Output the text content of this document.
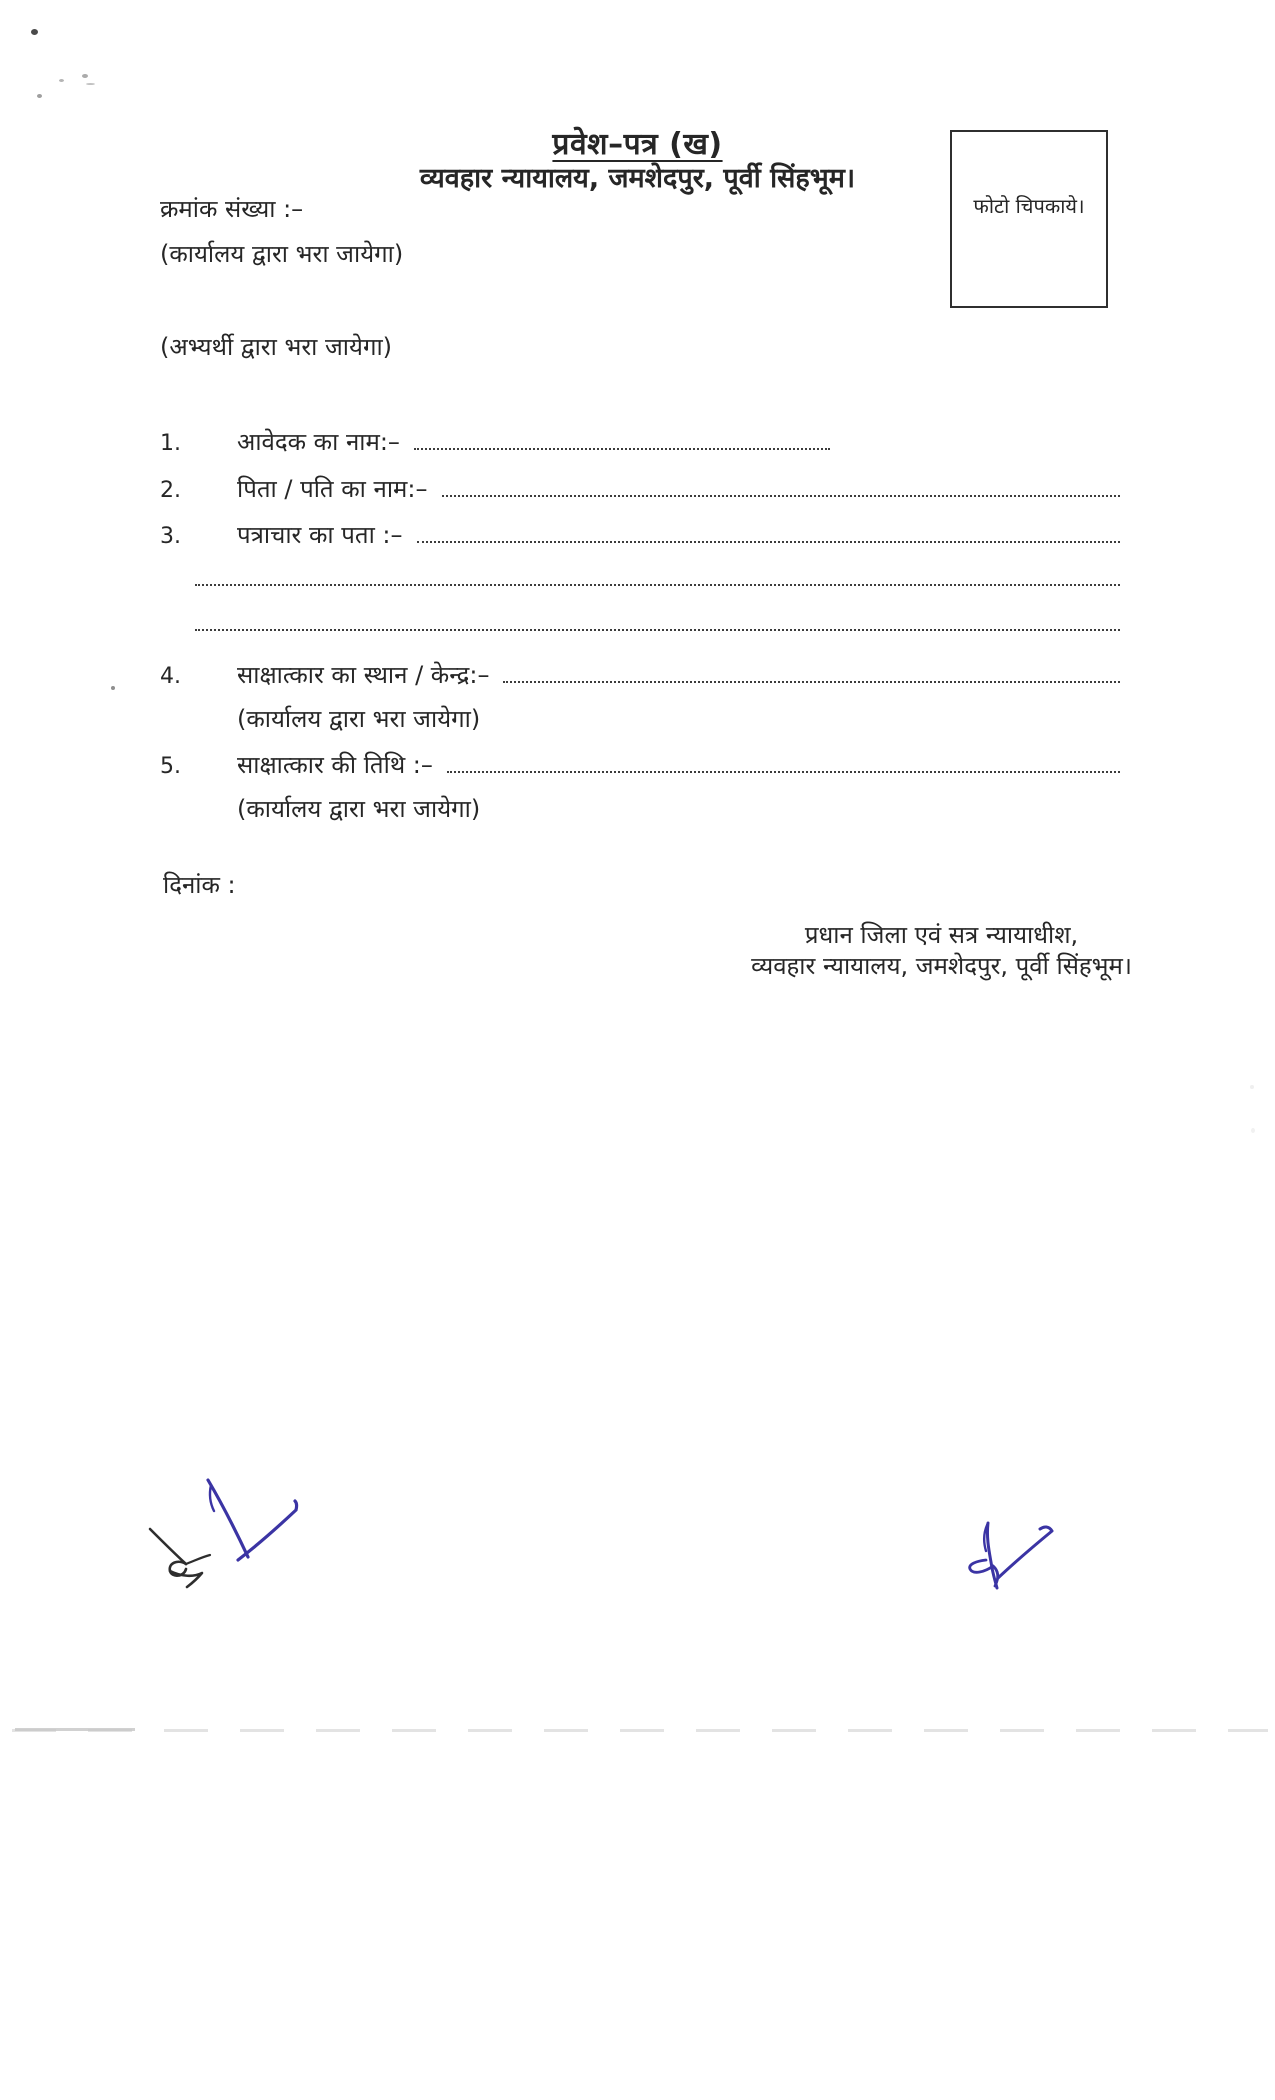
प्रवेश–पत्र (ख)
व्यवहार न्यायालय, जमशेदपुर, पूर्वी सिंहभूम।
फोटो चिपकाये।
क्रमांक संख्या :–
(कार्यालय द्वारा भरा जायेगा)
(अभ्यर्थी द्वारा भरा जायेगा)
1.	आवेदक का नाम:–
2.	पिता / पति का नाम:–
3.	पत्राचार का पता :–
4.	साक्षात्कार का स्थान / केन्द्र:–
(कार्यालय द्वारा भरा जायेगा)
5.	साक्षात्कार की तिथि :–
(कार्यालय द्वारा भरा जायेगा)
दिनांक :
प्रधान जिला एवं सत्र न्यायाधीश,
व्यवहार न्यायालय, जमशेदपुर, पूर्वी सिंहभूम।
